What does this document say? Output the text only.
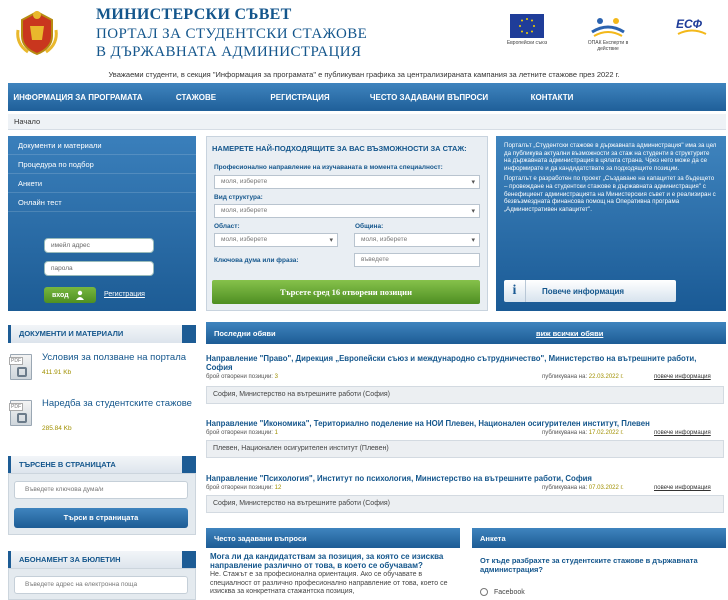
МИНИСТЕРСКИ СЪВЕТ
ПОРТАЛ ЗА СТУДЕНТСКИ СТАЖОВЕ
В ДЪРЖАВНАТА АДМИНИСТРАЦИЯ
Европейски съюз	ОПАК Експерти в действие
ЕСФ
Уважаеми студенти, в секция "Информация за програмата" е публикуван графика за централизираната кампания за летните стажове през 2022 г.
ИНФОРМАЦИЯ ЗА ПРОГРАМАТА	СТАЖОВЕ	РЕГИСТРАЦИЯ	ЧЕСТО ЗАДАВАНИ ВЪПРОСИ	КОНТАКТИ
Начало
Документи и материали
Процедура по подбор
Анкети
Онлайн тест
имейл адрес
парола
вход	Регистрация
НАМЕРЕТЕ НАЙ-ПОДХОДЯЩИТЕ ЗА ВАС ВЪЗМОЖНОСТИ ЗА СТАЖ:
Професионално направление на изучаваната в момента специалност:
моля, изберете ▾
Вид структура:
моля, изберете ▾
Област:
моля, изберете ▾
Община:
моля, изберете ▾
Ключова дума или фраза:	въведете
Търсете сред 16 отворени позиции

Порталът „Студентски стажове в държавната администрация" има за цел да публикува актуални възможности за стаж на студенти в структурите на държавната администрация в цялата страна. Чрез него може да се информирате и да кандидатствате за подходящите позиции.

Порталът е разработен по проект „Създаване на капацитет за бъдещето – провеждане на студентски стажове в държавната администрация" с бенефициент администрацията на Министерския съвет и е реализиран с безвъзмездната финансова помощ на Оперативна програма „Административен капацитет".

i	Повече информация
ДОКУМЕНТИ И МАТЕРИАЛИ
PDF Условия за ползване на портала
411.91 Kb
PDF Наредба за студентските стажове
285.84 Kb
ТЪРСЕНЕ В СТРАНИЦАТА
Въведете ключова дума/и
Търси в страницата
АБОНАМЕНТ ЗА БЮЛЕТИН
Въведете адрес на електронна поща
Последни обяви	виж всички обяви
Направление "Право", Дирекция „Европейски съюз и международно сътрудничество", Министерство на вътрешните работи, София
брой отворени позиции: 3	публикувана на: 22.03.2022 г.	повече информация
София, Министерство на вътрешните работи (София)
Направление "Икономика", Териториално поделение на НОИ Плевен, Национален осигурителен институт, Плевен
брой отворени позиции: 1	публикувана на: 17.02.2022 г.	повече информация
Плевен, Национален осигурителен институт (Плевен)
Направление "Психология", Институт по психология, Министерство на вътрешните работи, София
брой отворени позиции: 12	публикувана на: 07.03.2022 г.	повече информация
София, Министерство на вътрешните работи (София)
Често задавани въпроси
Мога ли да кандидатствам за позиция, за която се изисква направление различно от това, в което се обучавам?
Не. Стажът е за професионална ориентация. Ако се обучавате в специалност от различно професионално направление от това, което се изисква за конкретната стажантска позиция,
Анкета
От къде разбрахте за студентските стажове в държавната администрация?
Facebook
